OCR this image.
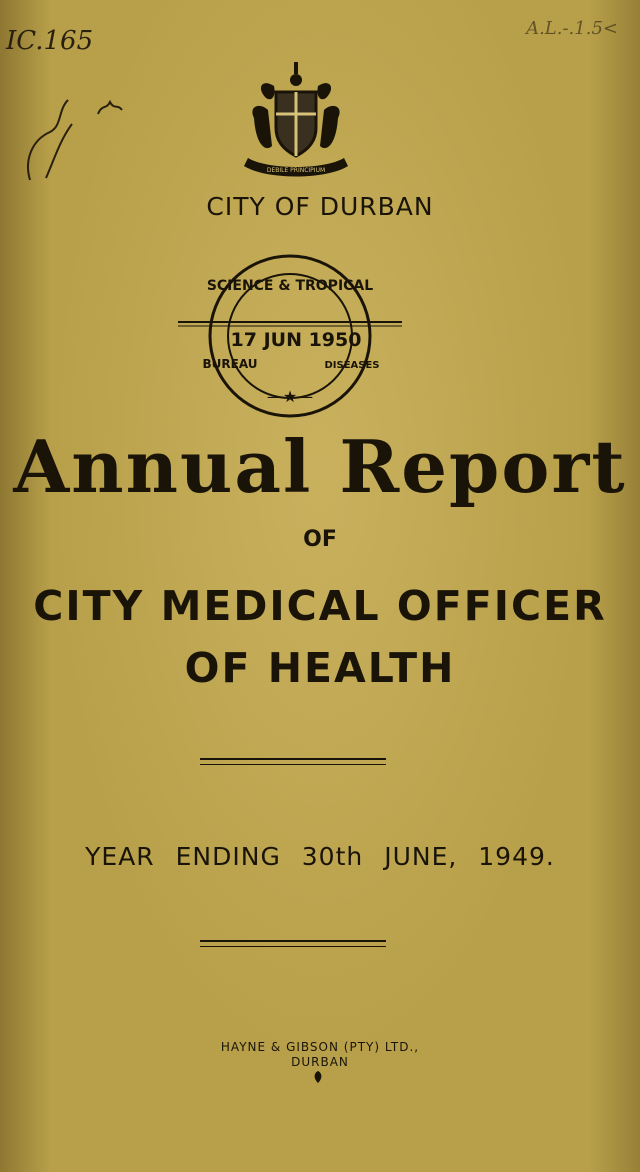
IC.165	A.L.-.1.5<
DEBILE PRINCIPIUM
CITY OF DURBAN
SCIENCE & TROPICAL
17 JUN 1950
BUREAU	DISEASES
—★—
Annual Report
OF
CITY MEDICAL OFFICER
OF HEALTH
YEAR ENDING 30th JUNE, 1949.
HAYNE & GIBSON (PTY) LTD.,
DURBAN
